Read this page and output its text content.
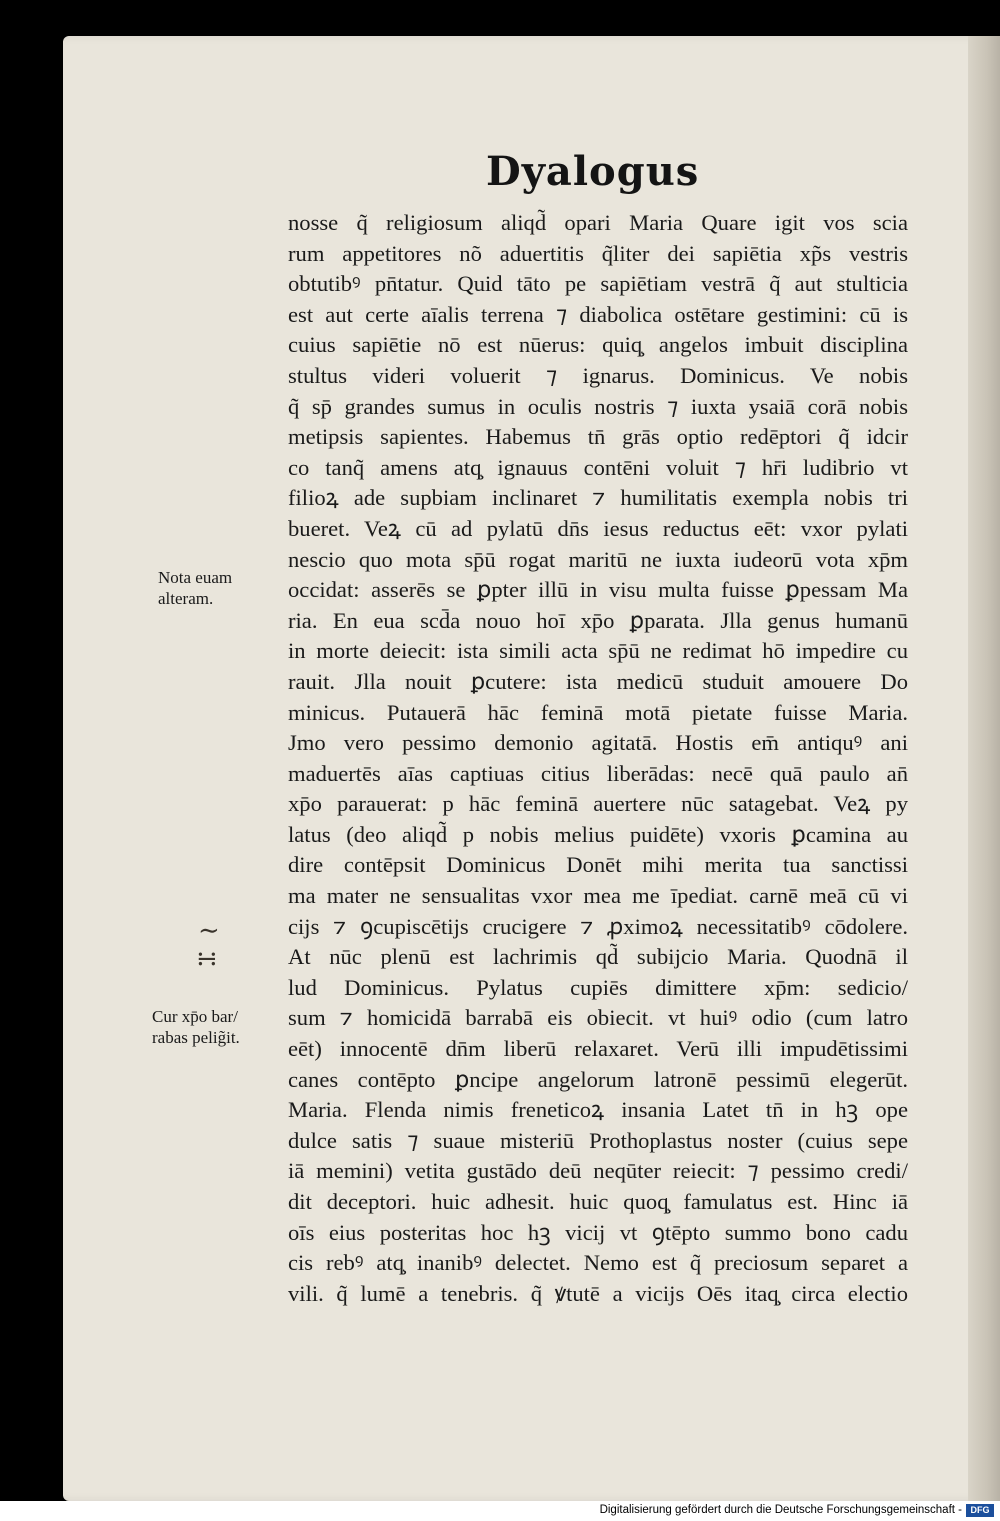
Dyalogus
nosse q̃ religiosum aliqd̃ opari Maria Quare igit vos scia
rum appetitores nõ aduertitis q̃liter dei sapiētia xp̃s vestris
obtutibꝰ pn̄tatur. Quid tāto pe sapiētiam vestrā q̃ aut stulticia
est aut certe aīalis terrena ⁊ diabolica ostētare gestimini: cū is
cuius sapiētie nō est nūerus: quiq̧ angelos imbuit disciplina
stultus videri voluerit ⁊ ignarus. Dominicus. Ve nobis
q̃ sp̄ grandes sumus in oculis nostris ⁊ iuxta ysaiā corā nobis
metipsis sapientes. Habemus tn̄ grās optio redēptori q̃ idcir
co tanq̃ amens atq̧ ignauus contēni voluit ⁊ hr̄i ludibrio vt
filioꝝ ade supbiam inclinaret ⁊ humilitatis exempla nobis tri
bueret. Veꝝ cū ad pylatū dn̄s iesus reductus eēt: vxor pylati
nescio quo mota sp̄ū rogat maritū ne iuxta iudeorū vota xp̄m
occidat: asserēs se ꝑpter illū in visu multa fuisse ꝑpessam Ma
ria. En eua scd̄a nouo hoī xp̄o ꝑparata. Jlla genus humanū
in morte deiecit: ista simili acta sp̄ū ne redimat hō impedire cu
rauit. Jlla nouit ꝑcutere: ista medicū studuit amouere Do
minicus. Putauerā hāc feminā motā pietate fuisse Maria.
Jmo vero pessimo demonio agitatā. Hostis em̄ antiquꝰ ani
maduertēs aīas captiuas citius liberādas: necē quā paulo an̄
xp̄o parauerat: p hāc feminā auertere nūc satagebat. Veꝝ py
latus (deo aliqd̃ p nobis melius puidēte) vxoris ꝑcamina au
dire contēpsit Dominicus Donēt mihi merita tua sanctissi
ma mater ne sensualitas vxor mea me īpediat. carnē meā cū vi
cijs ⁊ ꝯcupiscētijs crucigere ⁊ ꝓximoꝝ necessitatibꝰ cōdolere.
At nūc plenū est lachrimis qd̃ subijcio Maria. Quodnā il
lud Dominicus. Pylatus cupiēs dimittere xp̄m: sedicio/
sum ⁊ homicidā barrabā eis obiecit. vt huiꝰ odio (cum latro
eēt) innocentē dn̄m liberū relaxaret. Verū illi impudētissimi
canes contēpto ꝑncipe angelorum latronē pessimū elegerūt.
Maria. Flenda nimis freneticoꝝ insania Latet tn̄ in hꝫ ope
dulce satis ⁊ suaue misteriū Prothoplastus noster (cuius sepe
iā memini) vetita gustādo deū neqūter reiecit: ⁊ pessimo credi/
dit deceptori. huic adhesit. huic quoq̧ famulatus est. Hinc iā
oīs eius posteritas hoc hꝫ vicij vt ꝯtēpto summo bono cadu
cis rebꝰ atq̧ inanibꝰ delectet. Nemo est q̃ preciosum separet a
vili. q̃ lumē a tenebris. q̃ ꝟtutē a vicijs Oēs itaq̧ circa electio
Nota euam
alteram.
Cur xp̄o bar/
rabas pelig̃it.
∼
∺
Digitalisierung gefördert durch die Deutsche Forschungsgemeinschaft - DFG
